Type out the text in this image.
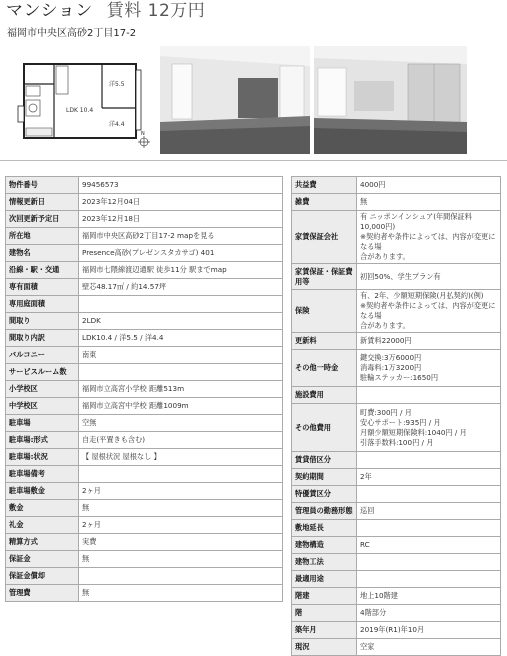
マンション 賃料 12万円
福岡市中央区高砂2丁目17-2
洋5.5
LDK 10.4
洋4.4
N
物件番号	99456573
情報更新日	2023年12月04日
次回更新予定日	2023年12月18日
所在地	福岡市中央区高砂2丁目17-2 mapを見る
建物名	Presence高砂(プレゼンスタカサゴ) 401
沿線・駅・交通	福岡市七隈線渡辺通駅 徒歩11分 駅までmap
専有面積	壁芯48.17㎡ / 約14.57坪
専用庭面積	
間取り	2LDK
間取り内訳	LDK10.4 / 洋5.5 / 洋4.4
バルコニー	南東
サービスルーム数	
小学校区	福岡市立高宮小学校 距離513m
中学校区	福岡市立高宮中学校 距離1009m
駐車場	空無
駐車場:形式	自走(平置きも含む)
駐車場:状況	【 屋根状況 屋根なし 】
駐車場備考	
駐車場敷金	2ヶ月
敷金	無
礼金	2ヶ月
精算方式	実費
保証金	無
保証金償却	
管理費	無
共益費	4000円
雑費	無
家賃保証会社	有 ニッポンインシュア(年間保証料10,000円)
※契約者や条件によっては、内容が変更になる場
合があります。

家賃保証・保証費用等	初回50%、学生プラン有
保険	有、2年、少額短期保険(月払契約)(例)
※契約者や条件によっては、内容が変更になる場
合があります。

更新料	新賃料22000円
その他一時金	鍵交換:3万6000円
消毒料:1万3200円
駐輪ステッカー:1650円

施設費用	
その他費用	町費:300円 / 月
安心サポート:935円 / 月
月額少額短期保険料:1040円 / 月
引落手数料:100円 / 月

賃貸借区分	
契約期間	2年
特優賃区分	
管理員の勤務形態	巡回
敷地延長	
建物構造	RC
建物工法	
最適用途	
階建	地上10階建
階	4階部分
築年月	2019年(R1)年10月
現況	空家
